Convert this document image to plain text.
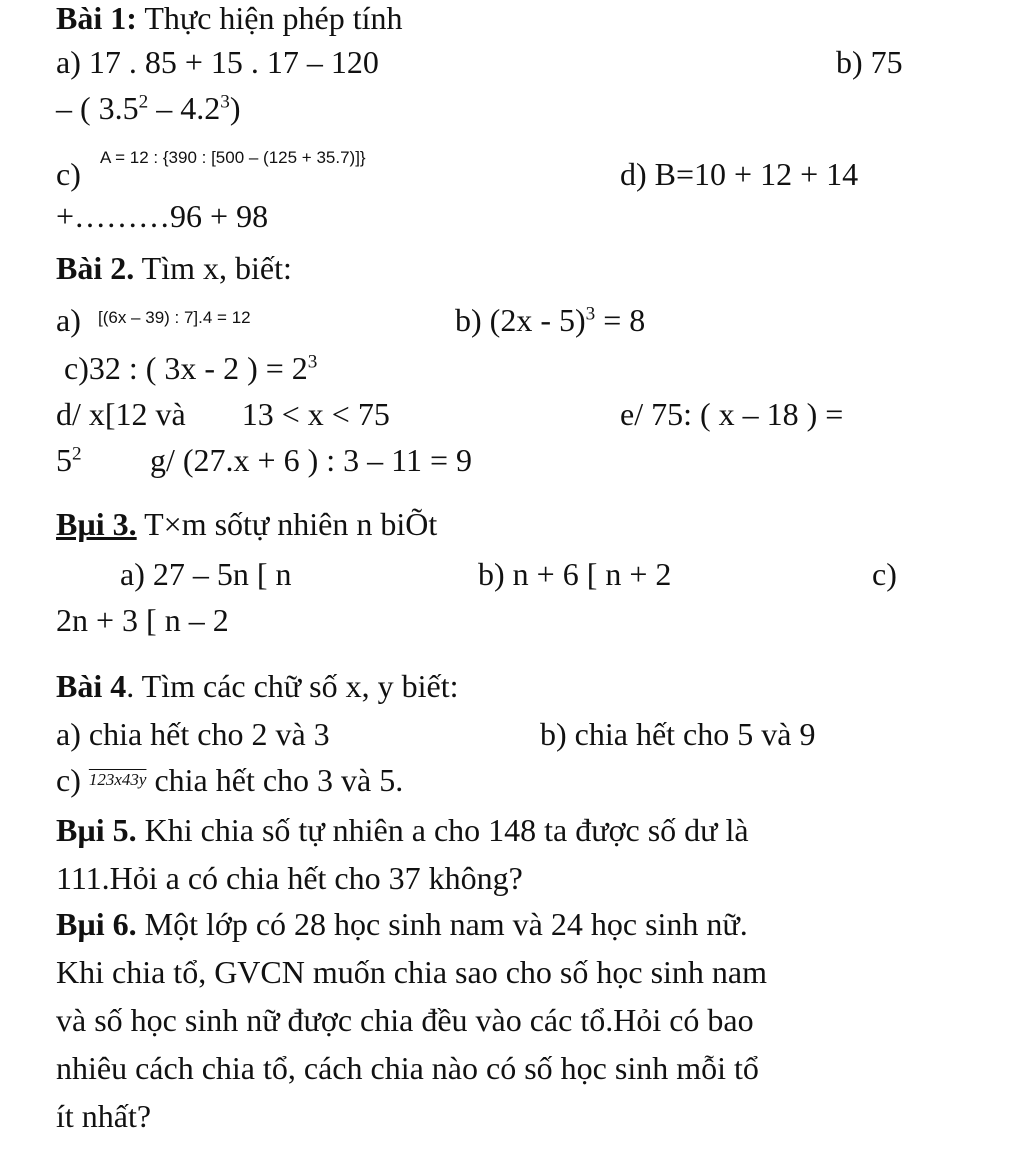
Bài 1: Thực hiện phép tính
a) 17 . 85 + 15 . 17 – 120	b) 75
– ( $3.5^2 - 4.2^3$)
c) A = 12 : {390 : [500 – (125 + 35.7)]}	d) B=10 + 12 + 14
+………96 + 98
Bài 2. Tìm x, biết:
a) [(6x – 39) : 7].4 = 12	b) (2x - 5)$^3$ = 8
c)32 : ( 3x - 2 ) = $2^3$
d/ x[12 và       13 < x < 75	e/ 75: ( x – 18 ) =
$5^2$ g/ (27.x + 6 ) : 3 – 11 = 9
Bµi 3. T×m sốtự nhiên n biÕt
a) 27 – 5n [ n	b) n + 6 [ n + 2	c)
2n + 3 [ n – 2
Bài 4. Tìm các chữ số x, y biết:
a) chia hết cho 2 và 3	b) chia hết cho 5 và 9
c) 123x43y chia hết cho 3 và 5.
Bµi 5. Khi chia số tự nhiên a cho 148 ta được số dư là
111.Hỏi a có chia hết cho 37 không?
Bµi 6. Một lớp có 28 học sinh nam và 24 học sinh nữ.
Khi chia tổ, GVCN muốn chia sao cho số học sinh nam
và số học sinh nữ được chia đều vào các tổ.Hỏi có bao
nhiêu cách chia tổ, cách chia nào có số học sinh mỗi tổ
ít nhất?
